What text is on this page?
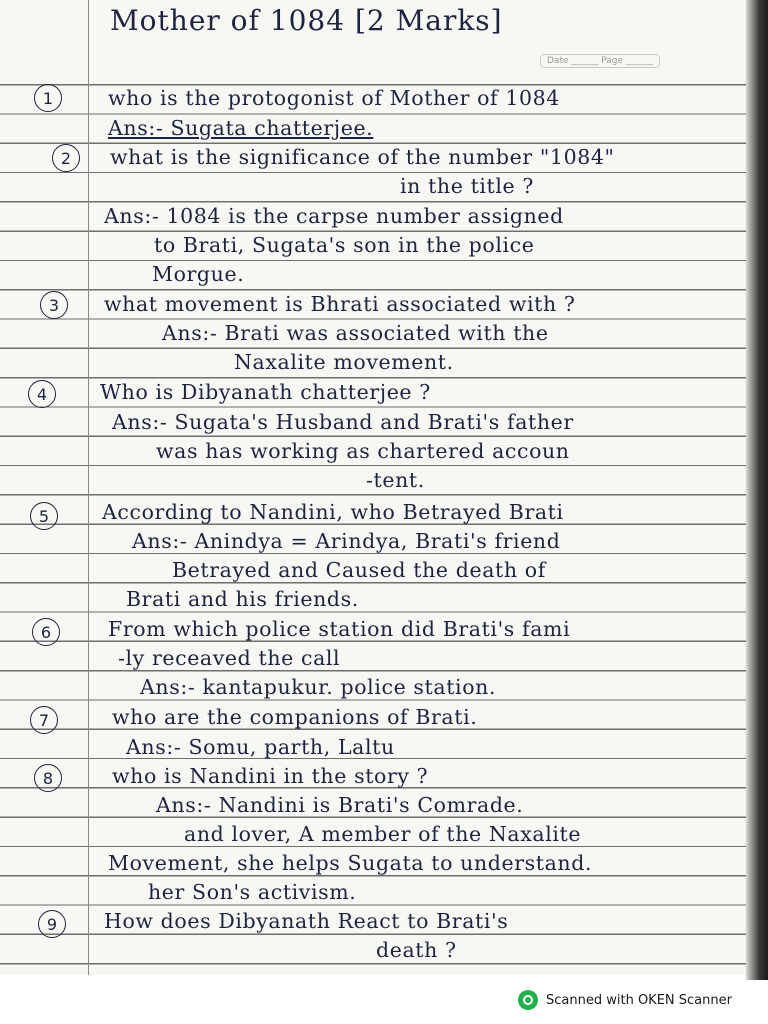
Mother of 1084 [2 Marks]
Date ______ Page ______
1	who is the protogonist of Mother of 1084
Ans:- Sugata chatterjee.
2	what is the significance of the number "1084"
in the title ?
Ans:- 1084 is the carpse number assigned
to Brati, Sugata's son in the police
Morgue.
3	what movement is Bhrati associated with ?
Ans:- Brati was associated with the
Naxalite movement.
4	Who is Dibyanath chatterjee ?
Ans:- Sugata's Husband and Brati's father
was has working as chartered accoun
-tent.
5	According to Nandini, who Betrayed Brati
Ans:- Anindya = Arindya, Brati's friend
Betrayed and Caused the death of
Brati and his friends.
6	From which police station did Brati's fami
-ly receaved the call
Ans:- kantapukur. police station.
7	who are the companions of Brati.
Ans:- Somu, parth, Laltu
8	who is Nandini in the story ?
Ans:- Nandini is Brati's Comrade.
and lover, A member of the Naxalite
Movement, she helps Sugata to understand.
her Son's activism.
9	How does Dibyanath React to Brati's
death ?
Scanned with OKEN Scanner
